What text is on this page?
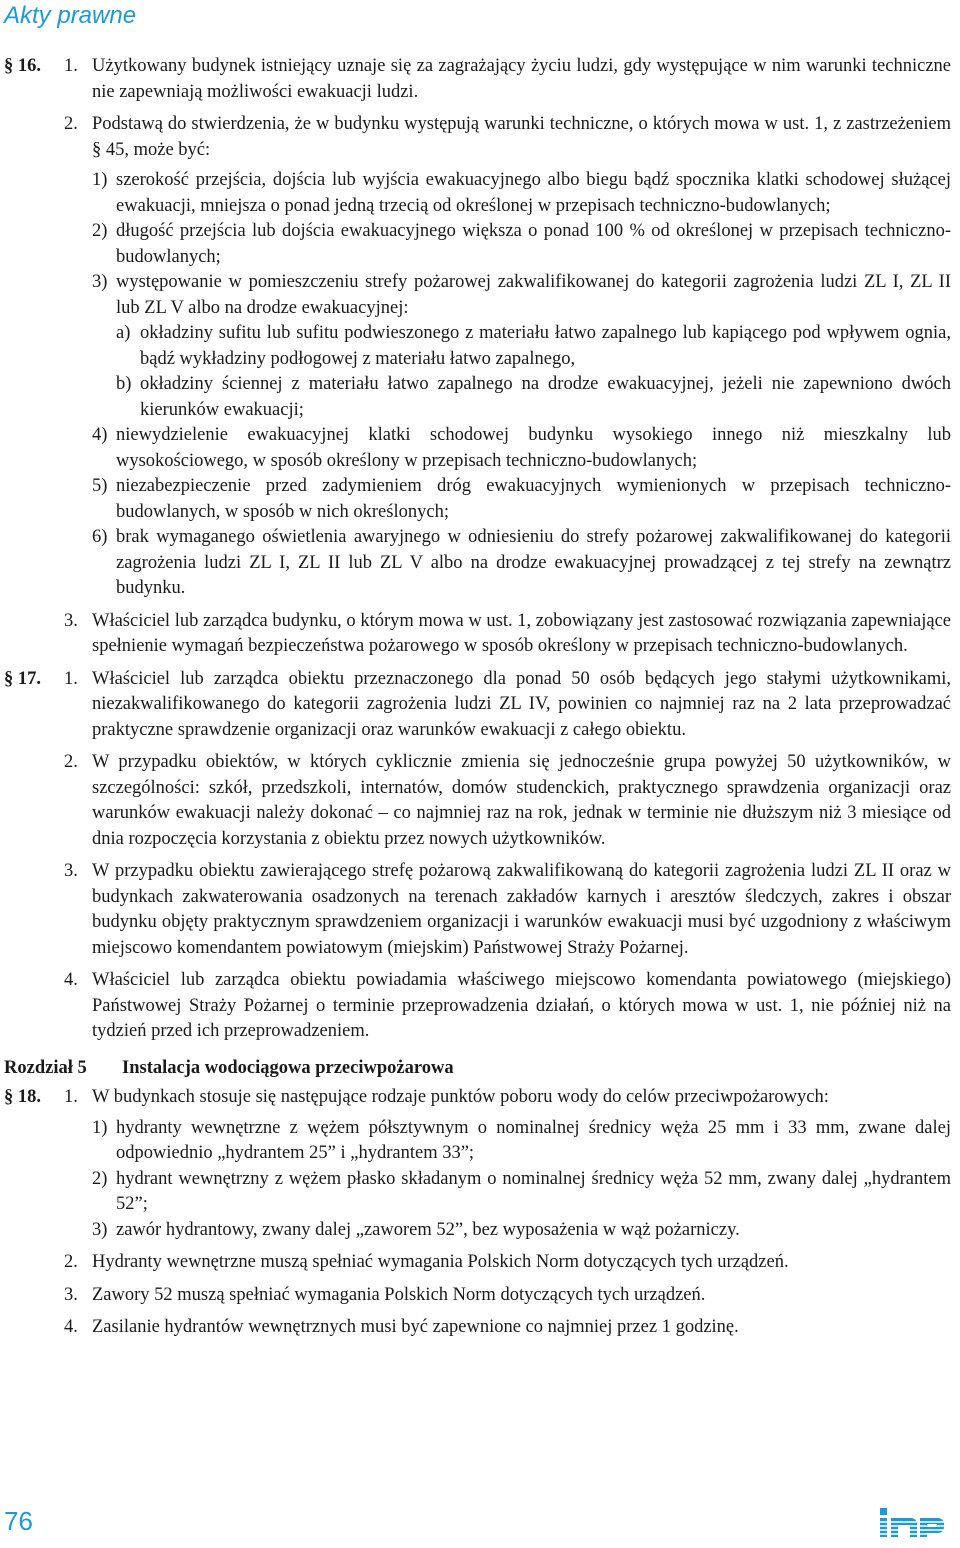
Akty prawne
§ 16. 1. Użytkowany budynek istniejący uznaje się za zagrażający życiu ludzi, gdy występujące w nim warunki techniczne nie zapewniają możliwości ewakuacji ludzi.

2. Podstawą do stwierdzenia, że w budynku występują warunki techniczne, o których mowa w ust. 1, z zastrzeżeniem § 45, może być:

1) szerokość przejścia, dojścia lub wyjścia ewakuacyjnego albo biegu bądź spocznika klatki schodowej służącej ewakuacji, mniejsza o ponad jedną trzecią od określonej w przepisach techniczno-budowlanych;

2) długość przejścia lub dojścia ewakuacyjnego większa o ponad 100 % od określonej w przepisach techniczno-budowlanych;

3) występowanie w pomieszczeniu strefy pożarowej zakwalifikowanej do kategorii zagrożenia ludzi ZL I, ZL II lub ZL V albo na drodze ewakuacyjnej:

a) okładziny sufitu lub sufitu podwieszonego z materiału łatwo zapalnego lub kapiącego pod wpływem ognia, bądź wykładziny podłogowej z materiału łatwo zapalnego,

b) okładziny ściennej z materiału łatwo zapalnego na drodze ewakuacyjnej, jeżeli nie zapewniono dwóch kierunków ewakuacji;

4) niewydzielenie ewakuacyjnej klatki schodowej budynku wysokiego innego niż mieszkalny lub wysokościowego, w sposób określony w przepisach techniczno-budowlanych;

5) niezabezpieczenie przed zadymieniem dróg ewakuacyjnych wymienionych w przepisach techniczno-budowlanych, w sposób w nich określonych;

6) brak wymaganego oświetlenia awaryjnego w odniesieniu do strefy pożarowej zakwalifikowanej do kategorii zagrożenia ludzi ZL I, ZL II lub ZL V albo na drodze ewakuacyjnej prowadzącej z tej strefy na zewnątrz budynku.

3. Właściciel lub zarządca budynku, o którym mowa w ust. 1, zobowiązany jest zastosować rozwiązania zapewniające spełnienie wymagań bezpieczeństwa pożarowego w sposób określony w przepisach techniczno-budowlanych.

§ 17. 1. Właściciel lub zarządca obiektu przeznaczonego dla ponad 50 osób będących jego stałymi użytkownikami, niezakwalifikowanego do kategorii zagrożenia ludzi ZL IV, powinien co najmniej raz na 2 lata przeprowadzać praktyczne sprawdzenie organizacji oraz warunków ewakuacji z całego obiektu.

2. W przypadku obiektów, w których cyklicznie zmienia się jednocześnie grupa powyżej 50 użytkowników, w szczególności: szkół, przedszkoli, internatów, domów studenckich, praktycznego sprawdzenia organizacji oraz warunków ewakuacji należy dokonać – co najmniej raz na rok, jednak w terminie nie dłuższym niż 3 miesiące od dnia rozpoczęcia korzystania z obiektu przez nowych użytkowników.

3. W przypadku obiektu zawierającego strefę pożarową zakwalifikowaną do kategorii zagrożenia ludzi ZL II oraz w budynkach zakwaterowania osadzonych na terenach zakładów karnych i aresztów śledczych, zakres i obszar budynku objęty praktycznym sprawdzeniem organizacji i warunków ewakuacji musi być uzgodniony z właściwym miejscowo komendantem powiatowym (miejskim) Państwowej Straży Pożarnej.

4. Właściciel lub zarządca obiektu powiadamia właściwego miejscowo komendanta powiatowego (miejskiego) Państwowej Straży Pożarnej o terminie przeprowadzenia działań, o których mowa w ust. 1, nie później niż na tydzień przed ich przeprowadzeniem.

Rozdział 5 Instalacja wodociągowa przeciwpożarowa
§ 18. 1. W budynkach stosuje się następujące rodzaje punktów poboru wody do celów przeciwpożarowych:

1) hydranty wewnętrzne z wężem półsztywnym o nominalnej średnicy węża 25 mm i 33 mm, zwane dalej odpowiednio „hydrantem 25” i „hydrantem 33”;

2) hydrant wewnętrzny z wężem płasko składanym o nominalnej średnicy węża 52 mm, zwany dalej „hydrantem 52”;

3) zawór hydrantowy, zwany dalej „zaworem 52”, bez wyposażenia w wąż pożarniczy.

2. Hydranty wewnętrzne muszą spełniać wymagania Polskich Norm dotyczących tych urządzeń.

3. Zawory 52 muszą spełniać wymagania Polskich Norm dotyczących tych urządzeń.

4. Zasilanie hydrantów wewnętrznych musi być zapewnione co najmniej przez 1 godzinę.

76
